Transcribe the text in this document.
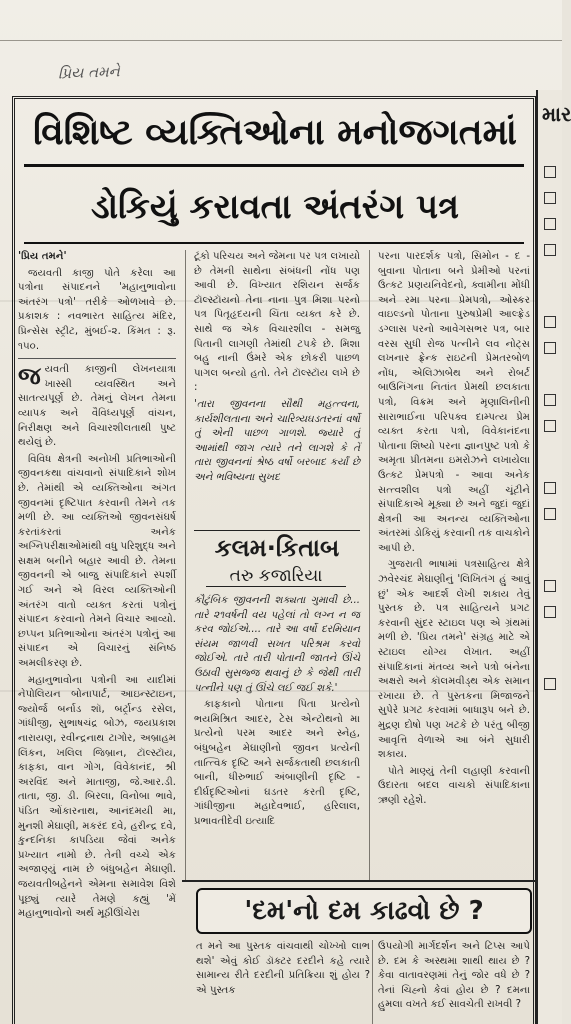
પ્રિય તમને
વિશિષ્ટ વ્યક્તિઓના મનોજગતમાં
ડોકિયું કરાવતા અંતરંગ પત્ર
માર
'પ્રિય તમને'

જયવતી કાજી પોતે કરેલા આ પત્રોના સંપાદનને 'મહાનુભાવોના અંતરંગ પત્રો' તરીકે ઓળખાવે છે. પ્રકાશક : નવભારત સાહિત્ય મંદિર, પ્રિન્સેસ સ્ટ્રીટ, મુંબઈ-૨. કિંમત : રૂ. ૧૫૦.

જ યવતી કાજીની લેખનયાત્રા ખાસ્સી વ્યવસ્થિત અને સાતત્યપૂર્ણ છે. તેમનું લેખન તેમના વ્યાપક અને વૈવિધ્યપૂર્ણ વાંચન, નિરીક્ષણ અને વિચારશીલતાથી પુષ્ટ થયેલું છે.

વિવિધ ક્ષેત્રની અનોખી પ્રતિભાઓની જીવનકથા વાંચવાનો સંપાદિકાને શોખ છે. તેમાંથી એ વ્યક્તિઓના અંગત જીવનમાં દૃષ્ટિપાત કરવાની તેમને તક મળી છે. આ વ્યક્તિઓ જીવનસંઘર્ષ કરતાંકરતાં અનેક અગ્નિપરીક્ષાઓમાંથી વધુ પરિશુદ્ધ અને સક્ષમ બનીને બહાર આવી છે. તેમના જીવનની એ બાજુ સંપાદિકાને સ્પર્શી ગઈ અને એ વિરલ વ્યક્તિઓની અંતરંગ વાતો વ્યક્ત કરતાં પત્રોનું સંપાદન કરવાનો તેમને વિચાર આવ્યો. છપ્પન પ્રતિભાઓના અંતરંગ પત્રોનું આ સંપાદન એ વિચારનું સંનિષ્ઠ અમલીકરણ છે.

મહાનુભાવોના પત્રોની આ યાદીમાં નેપોલિયન બોનાપાર્ટ, આઇન્સ્ટાઇન, જ્યોર્જ બર્નાડ શૉ, બર્ટ્રાન્ડ રસેલ, ગાંધીજી, સુભાષચંદ્ર બોઝ, જયપ્રકાશ નારાયણ, રવીન્દ્રનાથ ટાગોર, અબ્રાહમ લિંકન, ખલિલ જિબ્રાન, ટૉલ્સ્ટૉય, કાફકા, વાન ગોગ, વિવેકાનંદ, શ્રી અરવિંદ અને માતાજી, જે.આર.ડી. તાતા, જી. ડી. બિરલા, વિનોબા ભાવે, પંડિત ઓંકારનાથ, આનંદમયી મા, મુનશી મેઘાણી, મકરંદ દવે, હરીન્દ્ર દવે, કુન્દનિકા કાપડિયા જેવાં અનેક પ્રખ્યાત નામો છે. તેની વચ્ચે એક અજાણ્યું નામ છે બંધુબહેન મેઘાણી. જયવતીબહેનને એમના સમાવેશ વિશે પૂછ્યું ત્યારે તેમણે કહ્યું 'મેં મહાનુભાવોનો અર્થ મૂઠીઊંચેરા

ટૂંકો પરિચય અને જેમના પર પત્ર લખાયો છે તેમની સાથેના સંબંધની નોંધ પણ આવી છે. વિખ્યાત રશિયન સર્જક ટૉલ્સ્ટૉયનો તેના નાના પુત્ર મિશા પરનો પત્ર પિતૃહૃદયની ચિંતા વ્યક્ત કરે છે. સાથે જ એક વિચારશીલ - સમજુ પિતાની લાગણી તેમાંથી ટપકે છે. મિશા બહુ નાની ઉંમરે એક છોકરી પાછળ પાગલ બન્યો હતો. તેને ટૉલ્સ્ટૉય લખે છે :

'તારા જીવનના સૌથી મહત્ત્વના, કાર્યશીલતાના અને ચારિત્ર્યઘડતરનાં વર્ષો તું એની પાછળ ગાળશે. જ્યારે તું આમાંથી જાગ ત્યારે તને લાગશે કે તેં તારા જીવનનાં શ્રેષ્ઠ વર્ષો બરબાદ કર્યાં છે અને ભવિષ્યના સુખદ

કલમ·કિતાબ
તરુ કજારિયા

કૌટુંબિક જીવનની શક્યતા ગુમાવી છે... તારે ૨૧વર્ષની વય પહેલાં તો લગ્ન ન જ કરવ જોઈએ.... તારે આ વર્ષો દરમિયાન સંયમ જાળવી સખત પરિશ્રમ કરવો જોઈએ. તારે તારી પોતાની જાતને ઊંચે ઉઠાવી સુસજ્જ થવાનું છે કે જેથી તારી પત્નીને પણ તું ઊંચે લઈ જઈ શકે.'

કાફકાનો પોતાના પિતા પ્રત્યેનો ભયમિશ્રિત આદર, ટેસ એન્ટોથનો મા પ્રત્યેનો પરમ આદર અને સ્નેહ, બંધુબહેન મેઘાણીનો જીવન પ્રત્યેની તાત્ત્વિક દૃષ્ટિ અને સર્જકતાથી છલકાતી બાની, ધીરુભાઈ અંબાણીની દૃષ્ટિ - દીર્ઘદૃષ્ટિઓનાં ઘડતર કરતી દૃષ્ટિ, ગાંધીજીના મહાદેવભાઈ, હરિલાલ, પ્રભાવતીદેવી ઇત્યાદિ

પરના પારદર્શક પત્રો, સિમોન - દ - બુવાના પોતાના બને પ્રેમીઓ પરનાં ઉત્કટ પ્રણયનિવેદનો, ક્વામીના મોંધી અને રમા પરના પ્રેમપત્રો, ઓસ્કર વાઇલ્ડનો પોતાના પુરુષપ્રેમી આલ્ફ્રેડ ડગ્લાસ પરનો આવેગસભર પત્ર, બાર વરસ સુધી રોજ પત્નીને લવ નોટ્સ લખનાર ફ્રેન્ક રાઇટની પ્રેમતરબોળ નોંધ, એલિઝાબેથ અને રોબર્ટ બાઉનિંગના નિતાંત પ્રેમથી છલકાતા પત્રો, વિક્રમ અને મૃણાલિનીની સારાભાઈના પરિપક્વ દામ્પત્ય પ્રેમ વ્યક્ત કરતા પત્રો, વિવેકાનંદના પોતાના શિષ્યો પરના જ્ઞાનપુષ્ટ પત્રો કે અમૃતા પ્રીતમના ઇમરોઝને લખાયેલા ઉત્કટ પ્રેમપત્રો - આવા અનેક સત્ત્વશીલ પત્રો અહીં ચૂંટીને સંપાદિકાએ મૂક્યા છે અને જુદાં જુદાં ક્ષેત્રની આ અનન્ય વ્યક્તિઓના અંતરમાં ડોકિયું કરવાની તક વાચકોને આપી છે.

ગુજરાતી ભાષામાં પત્રસાહિત્ય ક્ષેત્રે ઝવેરચંદ મેઘાણીનું 'લિખિતંગ હું આવું છું' એક આદર્શ લેખી શકાય તેવું પુસ્તક છે. પત્ર સાહિત્યને પ્રગટ કરવાની સુંદર સ્ટાઇલ પણ એ ગ્રંથમાં મળી છે. 'પ્રિય તમને' સંગ્રહ માટે એ સ્ટાઇલ યોગ્ય લેખાત. અહીં સંપાદિકાનાં મંતવ્ય અને પત્રો બંનેના અક્ષરો અને કૉલમવીડ્થ એક સમાન રખાયા છે. તે પુસ્તકના મિજાજને સુપેરે પ્રગટ કરવામાં બાધારૂપ બને છે. મુદ્રણ દોષો પણ ખટકે છે પરંતુ બીજી આવૃત્તિ વેળાએ આ બંને સુધારી શકાય.

પોતે માણ્યું તેની લહાણી કરવાની ઉદારતા બદલ વાચકો સંપાદિકાના ઋણી રહેશે.

'દમ'નો દમ કાઢવો છે ?
ત મને આ પુસ્તક વાંચવાથી ચોખ્ખો લાભ થશે' એવું કોઈ ડૉક્ટર દરદીને કહે ત્યારે સામાન્ય રીતે દરદીની પ્રતિક્રિયા શું હોય ? એ પુસ્તક
ઉપયોગી માર્ગદર્શન અને ટિપ્સ આપે છે. દમ કે અસ્થમા શાથી થાય છે ? કેવા વાતાવરણમાં તેનું જોર વધે છે ? તેનાં ચિહ્નો કેવાં હોય છે ? દમના હુમલા વખતે કઈ સાવચેતી રાખવી ?
